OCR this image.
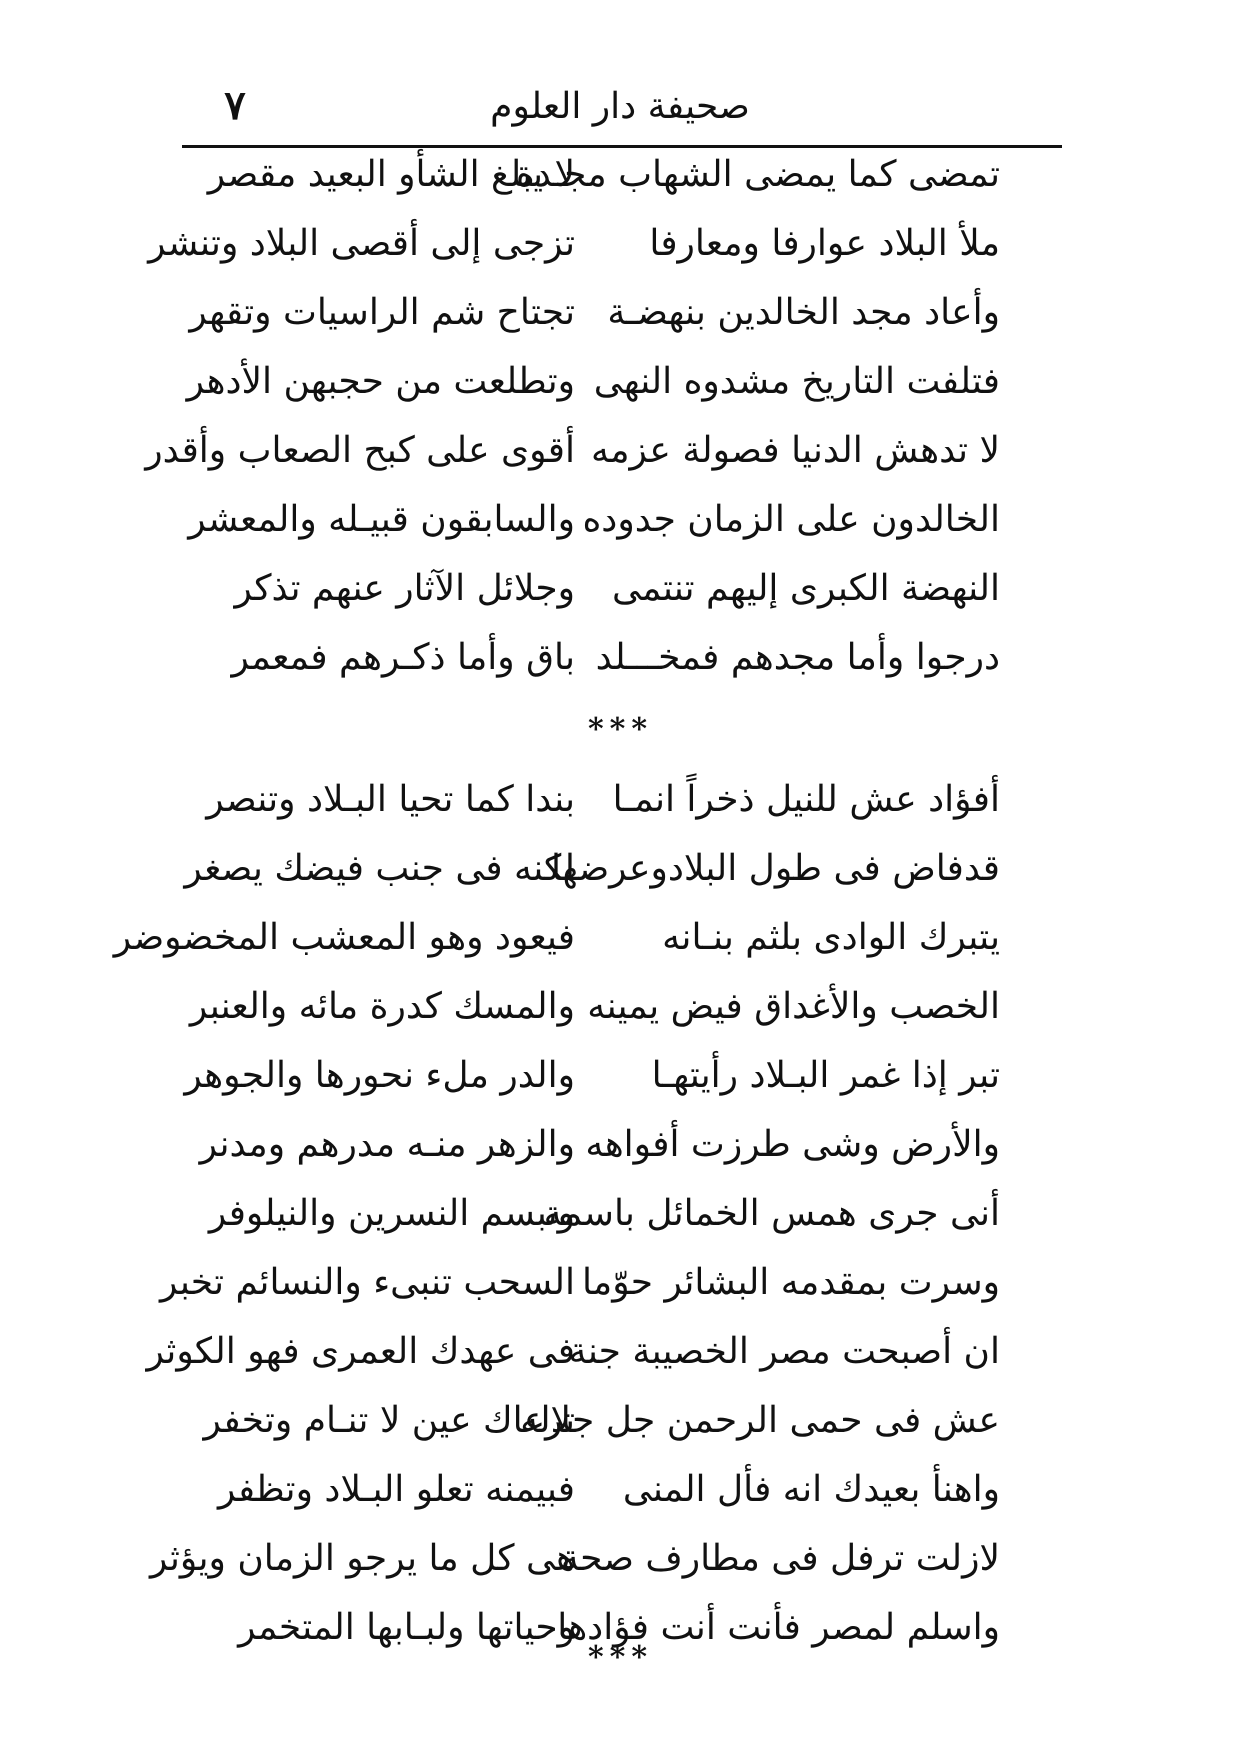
٧	صحيفة دار العلوم
تمضى كما يمضى الشهاب مجـدة
لا يبلغ الشأو البعيد مقصر
ملأ البلاد عوارفا ومعارفا
تزجى إلى أقصى البلاد وتنشر
وأعاد مجد الخالدين بنهضـة
تجتاح شم الراسيات وتقهر
فتلفت التاريخ مشدوه النهى
وتطلعت من حجبهن الأدهر
لا تدهش الدنيا فصولة عزمه
أقوى على كبح الصعاب وأقدر
الخالدون على الزمان جدوده
والسابقون قبيـله والمعشر
النهضة الكبرى إليهم تنتمى
وجلائل الآثار عنهم تذكر
درجوا وأما مجدهم فمخـــلد
باق وأما ذكـرهم فمعمر
***
أفؤاد عش للنيل ذخراً انمـا
بندا كما تحيا البـلاد وتنصر
قدفاض فى طول البلادوعرضها
لكنه فى جنب فيضك يصغر
يتبرك الوادى بلثم بنـانه
فيعود وهو المعشب المخضوضر
الخصب والأغداق فيض يمينه
والمسك كدرة مائه والعنبر
تبر إذا غمر البـلاد رأيتهـا
والدر ملء نحورها والجوهر
والأرض وشى طرزت أفواهه
والزهر منـه مدرهم ومدنر
أنى جرى همس الخمائل باسمه
وتبسم النسرين والنيلوفر
وسرت بمقدمه البشائر حوّما
السحب تنبىء والنسائم تخبر
ان أصبحت مصر الخصيبة جنة
فى عهدك العمرى فهو الكوثر
عش فى حمى الرحمن جل جلاله
ترعاك عين لا تنـام وتخفر
واهنأ بعيدك انه فأل المنى
فبيمنه تعلو البـلاد وتظفر
لازلت ترفل فى مطارف صحة
هى كل ما يرجو الزمان ويؤثر
واسلم لمصر فأنت أنت فؤادها
وحياتها ولبـابها المتخمر
***
